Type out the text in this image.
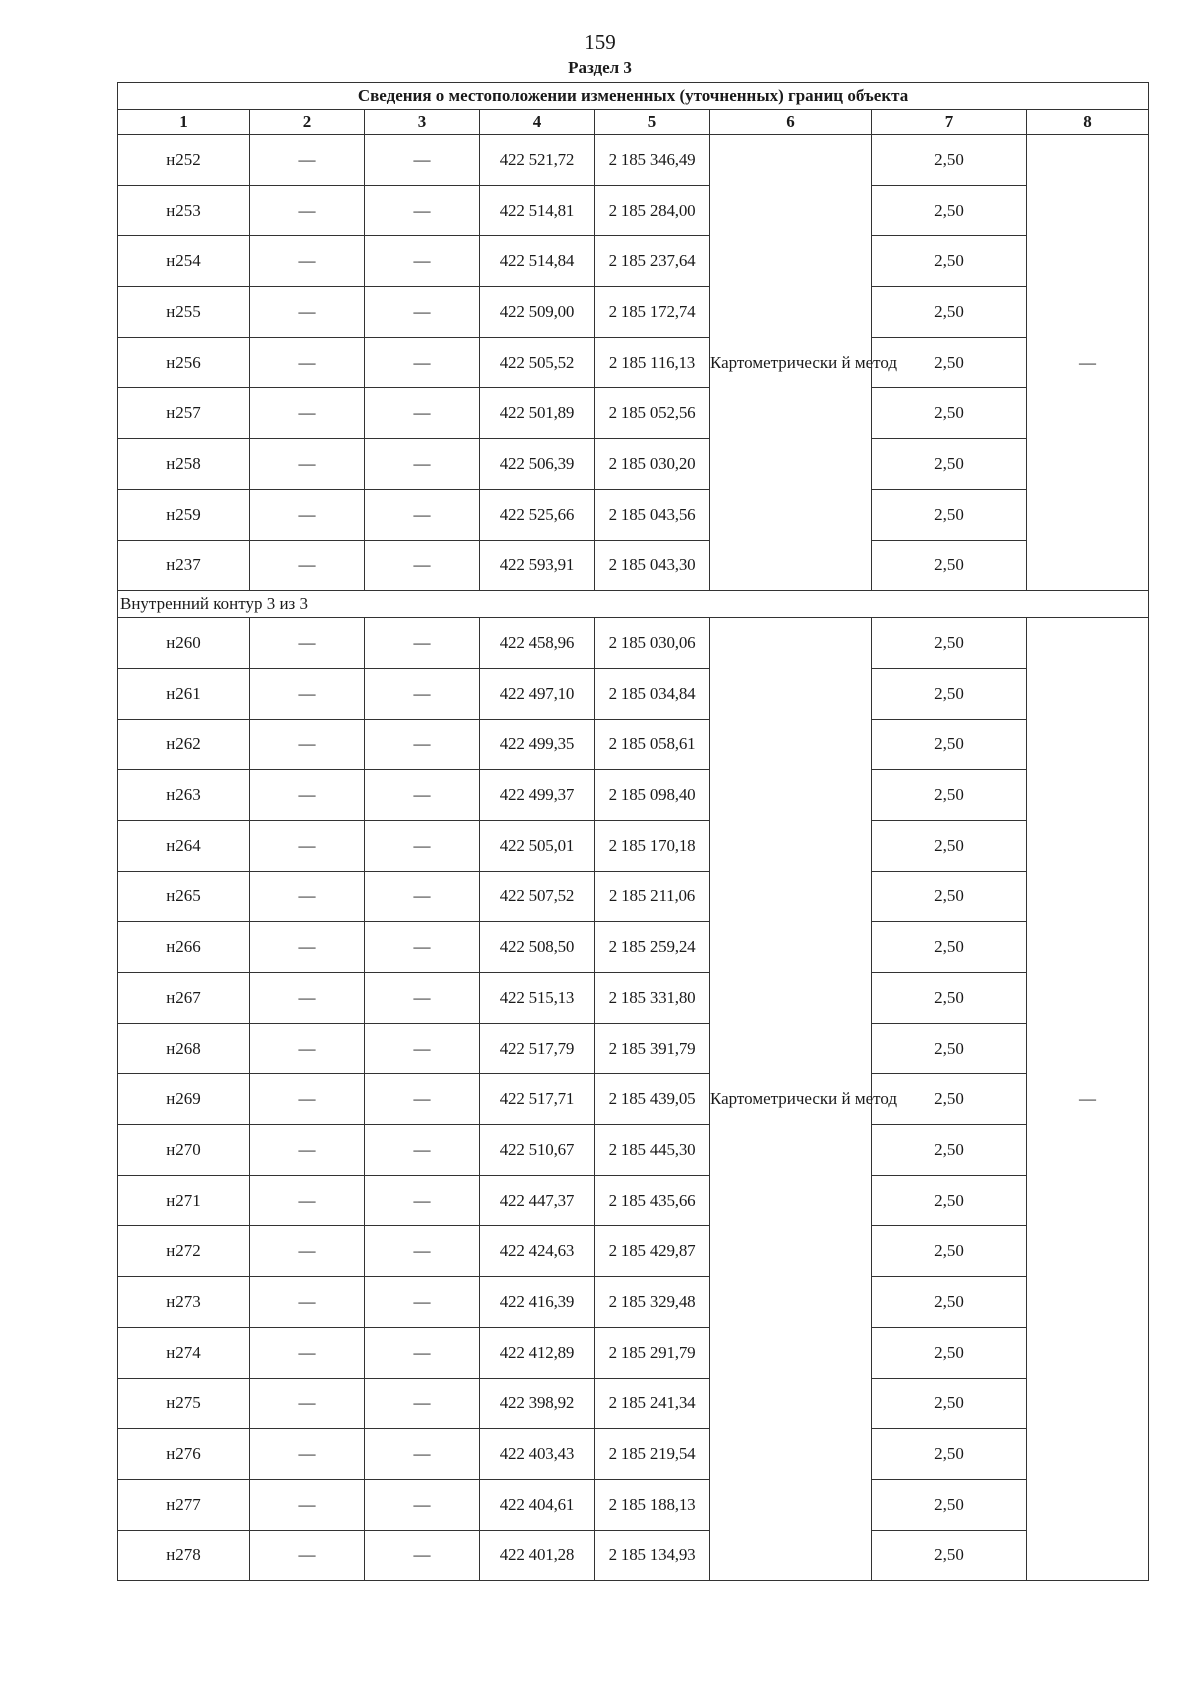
159
Раздел 3
Сведения о местоположении измененных (уточненных) границ объекта							
1	2	3	4	5	6	7	8
н252	—	—	422 521,72	2 185 346,49	Картометрически й метод	2,50	—
н253	—	—	422 514,81	2 185 284,00		2,50	
н254	—	—	422 514,84	2 185 237,64		2,50	
н255	—	—	422 509,00	2 185 172,74		2,50	
н256	—	—	422 505,52	2 185 116,13		2,50	
н257	—	—	422 501,89	2 185 052,56		2,50	
н258	—	—	422 506,39	2 185 030,20		2,50	
н259	—	—	422 525,66	2 185 043,56		2,50	
н237	—	—	422 593,91	2 185 043,30		2,50	
Внутренний контур 3 из 3							
н260	—	—	422 458,96	2 185 030,06	Картометрически й метод	2,50	—
н261	—	—	422 497,10	2 185 034,84		2,50	
н262	—	—	422 499,35	2 185 058,61		2,50	
н263	—	—	422 499,37	2 185 098,40		2,50	
н264	—	—	422 505,01	2 185 170,18		2,50	
н265	—	—	422 507,52	2 185 211,06		2,50	
н266	—	—	422 508,50	2 185 259,24		2,50	
н267	—	—	422 515,13	2 185 331,80		2,50	
н268	—	—	422 517,79	2 185 391,79		2,50	
н269	—	—	422 517,71	2 185 439,05		2,50	
н270	—	—	422 510,67	2 185 445,30		2,50	
н271	—	—	422 447,37	2 185 435,66		2,50	
н272	—	—	422 424,63	2 185 429,87		2,50	
н273	—	—	422 416,39	2 185 329,48		2,50	
н274	—	—	422 412,89	2 185 291,79		2,50	
н275	—	—	422 398,92	2 185 241,34		2,50	
н276	—	—	422 403,43	2 185 219,54		2,50	
н277	—	—	422 404,61	2 185 188,13		2,50	
н278	—	—	422 401,28	2 185 134,93		2,50	
